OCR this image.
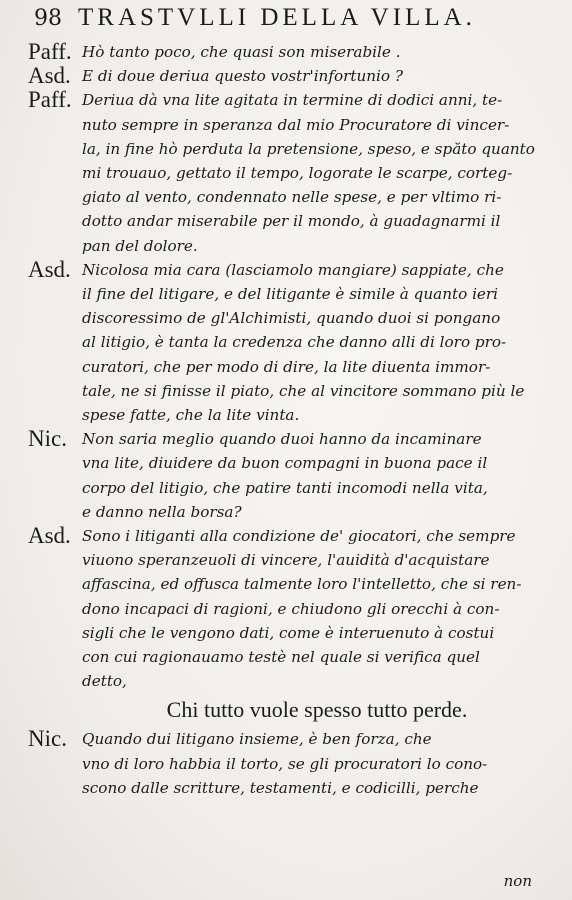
98 TRASTVLLI DELLA VILLA.
Paff. Hò tanto poco, che quasi son miserabile .
Asd. E di doue deriua questo vostr'infortunio ?
Paff. Deriua dà vna lite agitata in termine di dodici anni, te-
nuto sempre in speranza dal mio Procuratore di vincer-
la, in fine hò perduta la pretensione, speso, e spăto quanto
mi trouauo, gettato il tempo, logorate le scarpe, corteg-
giato al vento, condennato nelle spese, e per vltimo ri-
dotto andar miserabile per il mondo, à guadagnarmi il
pan del dolore.
Asd. Nicolosa mia cara (lasciamolo mangiare) sappiate, che
il fine del litigare, e del litigante è simile à quanto ieri
discoressimo de gl'Alchimisti, quando duoi si pongano
al litigio, è tanta la credenza che danno alli di loro pro-
curatori, che per modo di dire, la lite diuenta immor-
tale, ne si finisse il piato, che al vincitore sommano più le
spese fatte, che la lite vinta.
Nic. Non saria meglio quando duoi hanno da incaminare
vna lite, diuidere da buon compagni in buona pace il
corpo del litigio, che patire tanti incomodi nella vita,
e danno nella borsa?
Asd. Sono i litiganti alla condizione de' giocatori, che sempre
viuono speranzeuoli di vincere, l'auidità d'acquistare
affascina, ed offusca talmente loro l'intelletto, che si ren-
dono incapaci di ragioni, e chiudono gli orecchi à con-
sigli che le vengono dati, come è interuenuto à costui
con cui ragionauamo testè nel quale si verifica quel
detto,
Chi tutto vuole spesso tutto perde.
Nic. Quando dui litigano insieme, è ben forza, che
vno di loro habbia il torto, se gli procuratori lo cono-
scono dalle scritture, testamenti, e codicilli, perche
non
